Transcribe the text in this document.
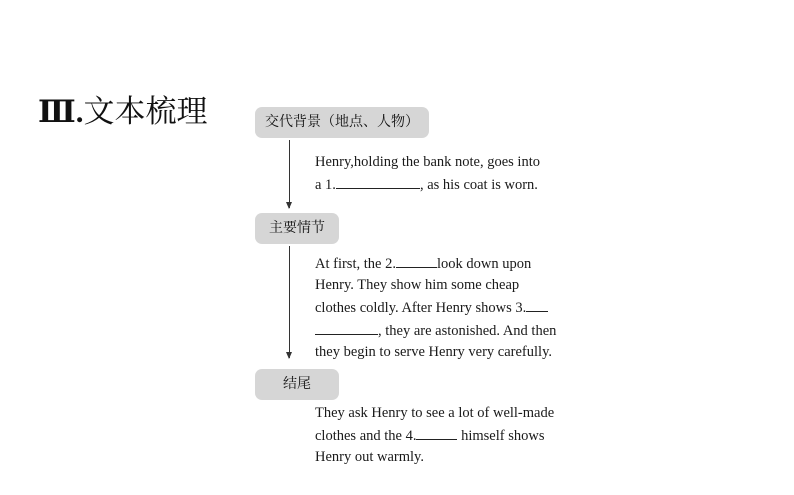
Ⅲ.文本梳理	交代背景（地点、人物）
Henry,holding the bank note, goes into
a 1.	, as his coat is worn.
主要情节
At first, the 2.	look down upon
Henry. They show him some cheap
clothes coldly. After Henry shows 3.
, they are astonished. And then
they begin to serve Henry very carefully.
结尾
They ask Henry to see a lot of well-made
clothes and the 4.	himself shows
Henry out warmly.
